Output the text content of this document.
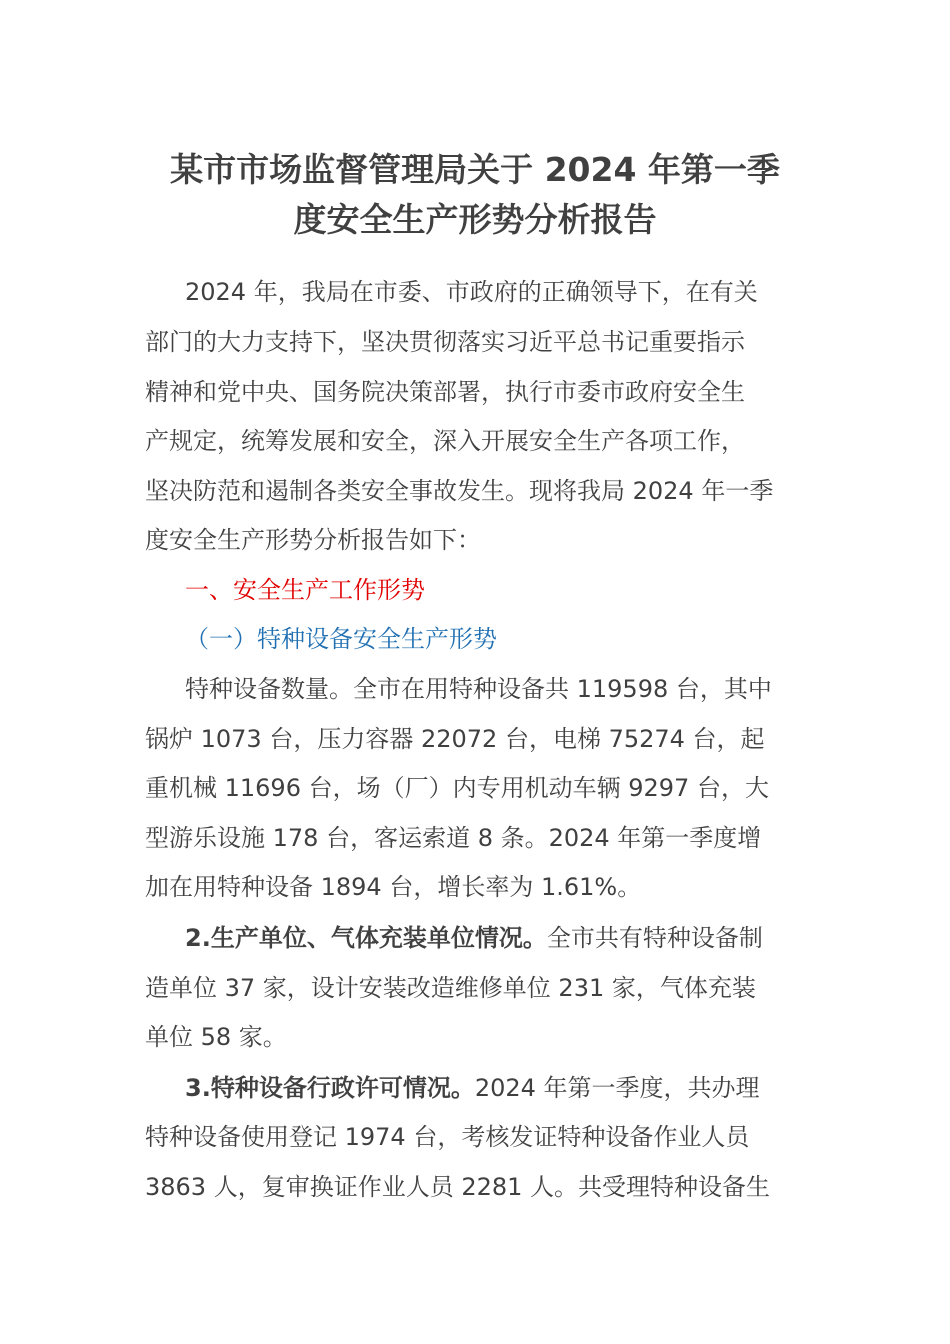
某市市场监督管理局关于 2024 年第一季
度安全生产形势分析报告
2024 年，我局在市委、市政府的正确领导下，在有关
部门的大力支持下，坚决贯彻落实习近平总书记重要指示
精神和党中央、国务院决策部署，执行市委市政府安全生
产规定，统筹发展和安全，深入开展安全生产各项工作，
坚决防范和遏制各类安全事故发生。现将我局 2024 年一季
度安全生产形势分析报告如下：
一、安全生产工作形势
（一）特种设备安全生产形势
特种设备数量。全市在用特种设备共 119598 台，其中
锅炉 1073 台，压力容器 22072 台，电梯 75274 台，起
重机械 11696 台，场（厂）内专用机动车辆 9297 台，大
型游乐设施 178 台，客运索道 8 条。2024 年第一季度增
加在用特种设备 1894 台，增长率为 1.61%。
2.生产单位、气体充装单位情况。全市共有特种设备制
造单位 37 家，设计安装改造维修单位 231 家，气体充装
单位 58 家。
3.特种设备行政许可情况。2024 年第一季度，共办理
特种设备使用登记 1974 台，考核发证特种设备作业人员
3863 人，复审换证作业人员 2281 人。共受理特种设备生
